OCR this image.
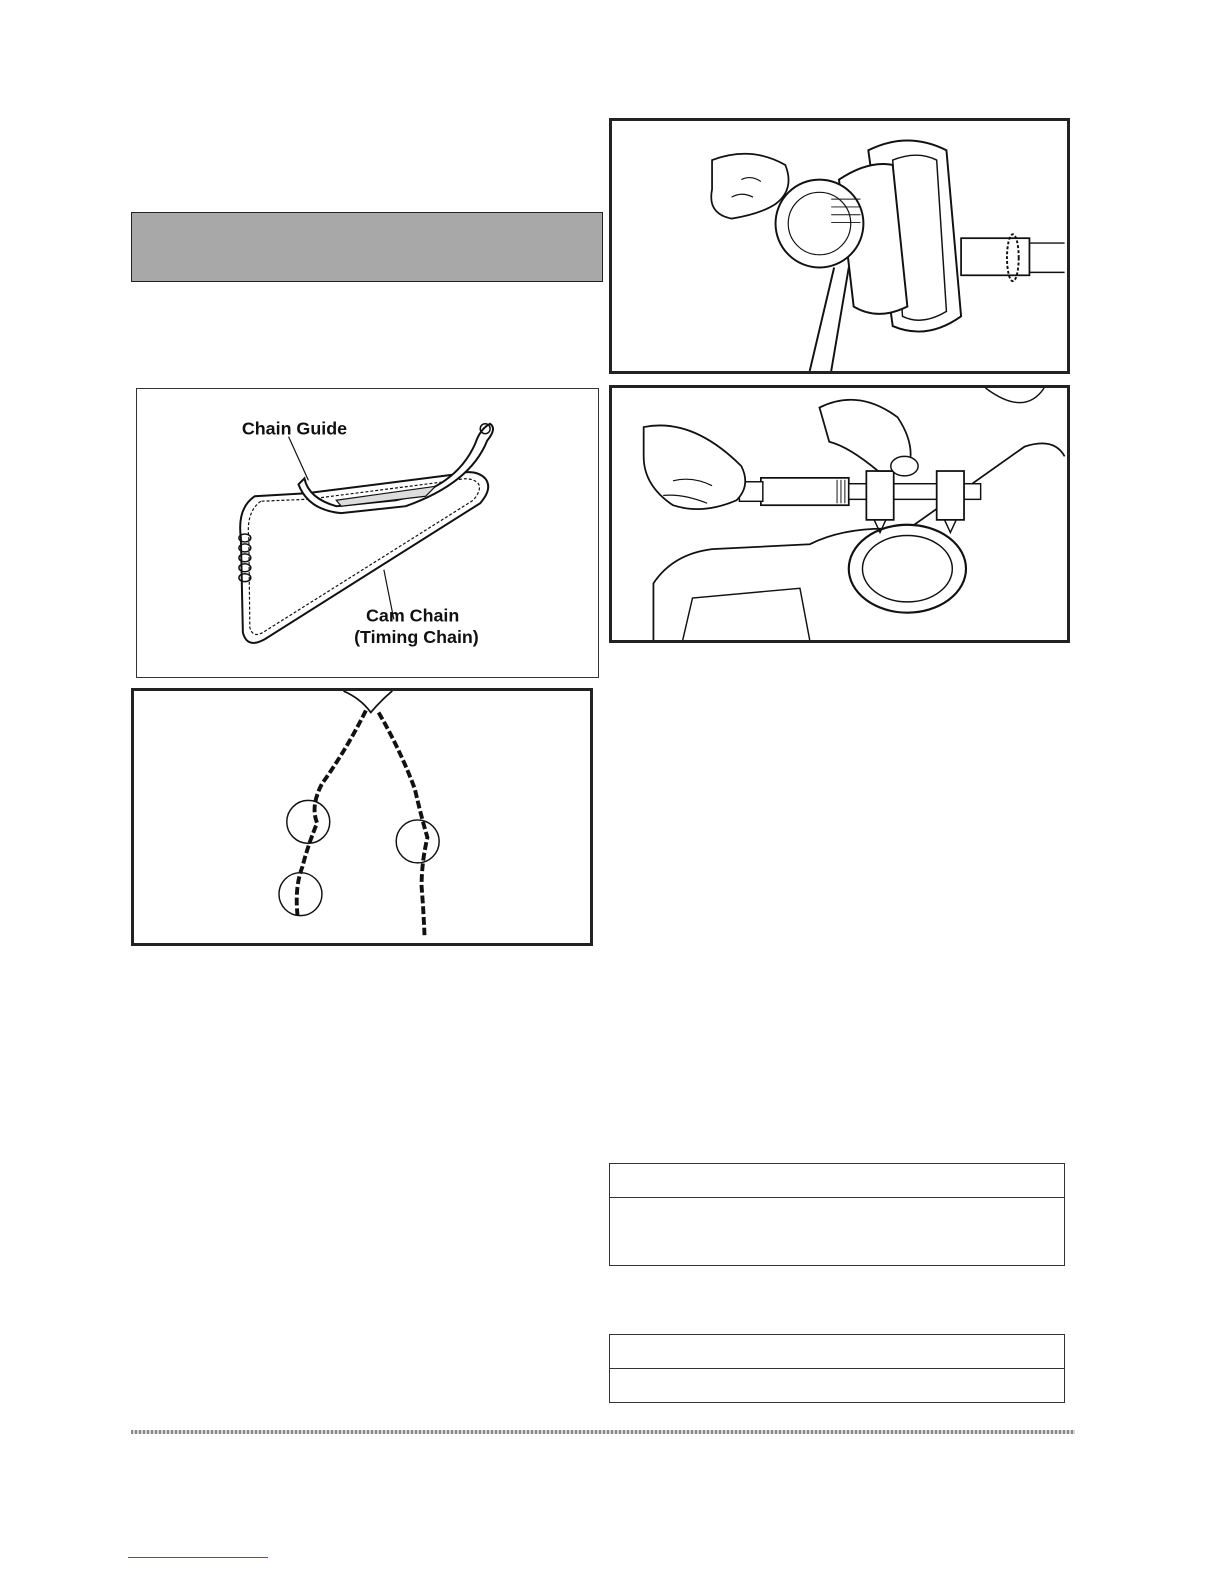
Chain Guide
Cam Chain
(Timing Chain)
